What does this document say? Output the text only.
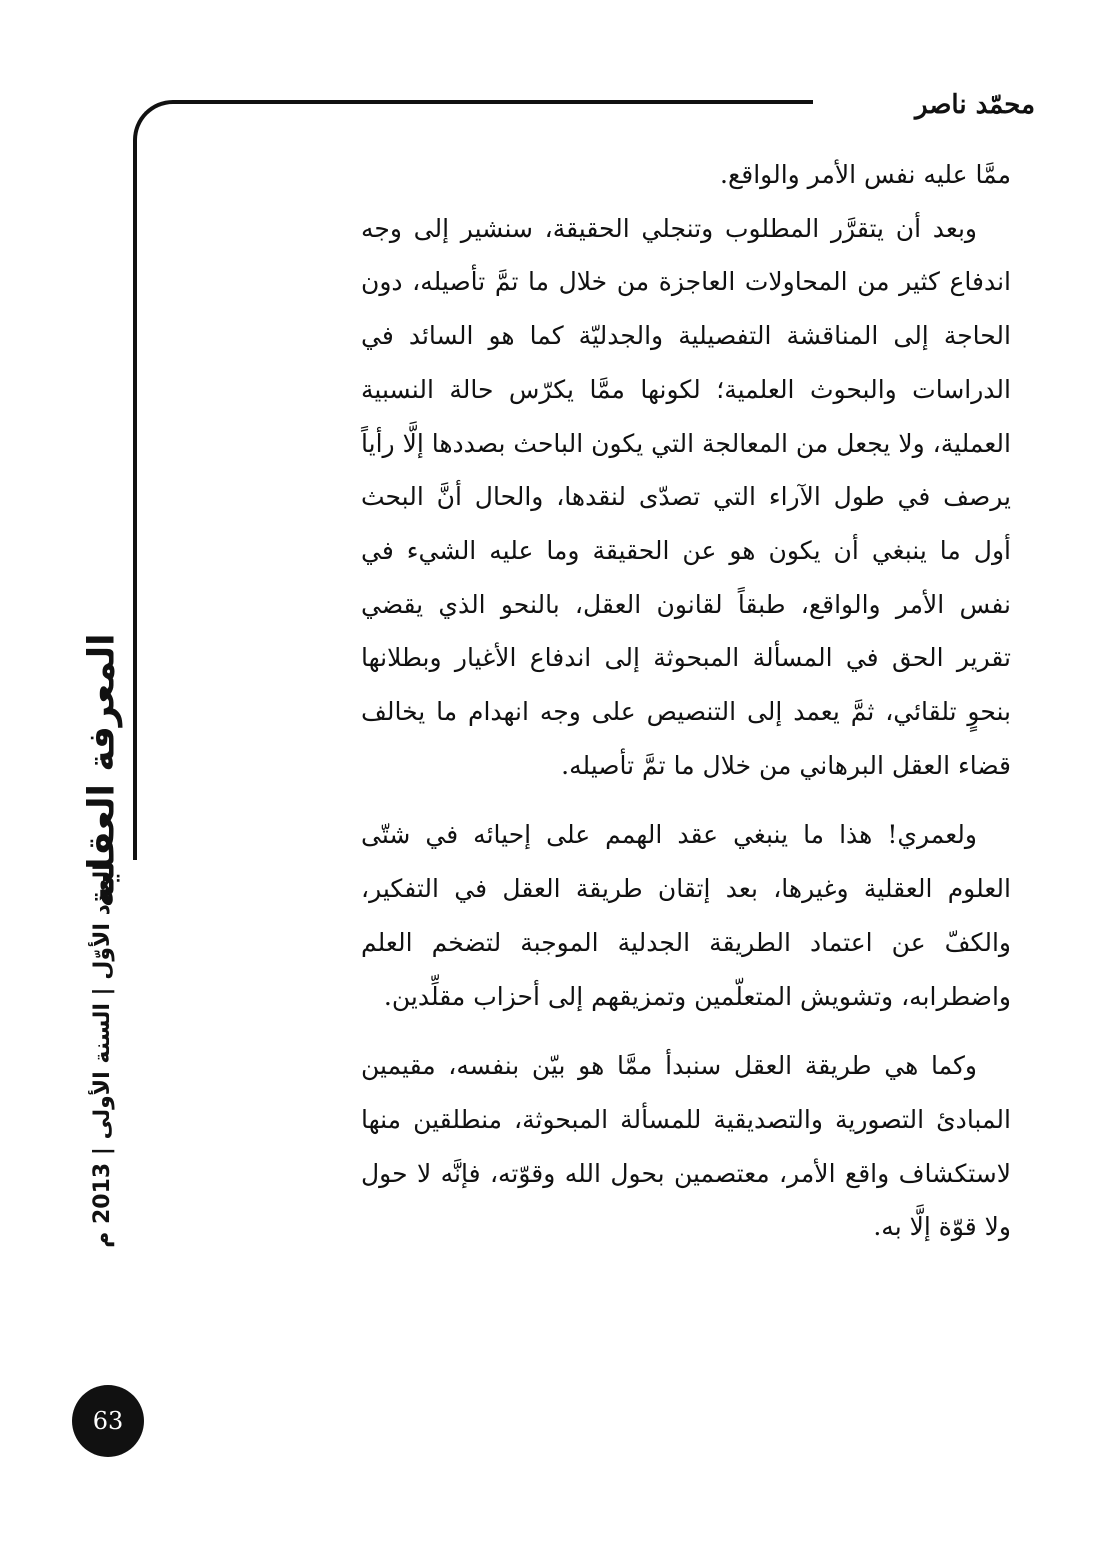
محمّد ناصر

ممَّا عليه نفس الأمر والواقع.

وبعد أن يتقرَّر المطلوب وتنجلي الحقيقة، سنشير إلى وجه اندفاع كثير من المحاولات العاجزة من خلال ما تمَّ تأصيله، دون الحاجة إلى المناقشة التفصيلية والجدليّة كما هو السائد في الدراسات والبحوث العلمية؛ لكونها ممَّا يكرّس حالة النسبية العملية، ولا يجعل من المعالجة التي يكون الباحث بصددها إلَّا رأياً يرصف في طول الآراء التي تصدّى لنقدها، والحال أنَّ البحث أول ما ينبغي أن يكون هو عن الحقيقة وما عليه الشيء في نفس الأمر والواقع، طبقاً لقانون العقل، بالنحو الذي يقضي تقرير الحق في المسألة المبحوثة إلى اندفاع الأغيار وبطلانها بنحوٍ تلقائي، ثمَّ يعمد إلى التنصيص على وجه انهدام ما يخالف قضاء العقل البرهاني من خلال ما تمَّ تأصيله.

ولعمري! هذا ما ينبغي عقد الهمم على إحيائه في شتّى العلوم العقلية وغيرها، بعد إتقان طريقة العقل في التفكير، والكفّ عن اعتماد الطريقة الجدلية الموجبة لتضخم العلم واضطرابه، وتشويش المتعلّمين وتمزيقهم إلى أحزاب مقلِّدين.

وكما هي طريقة العقل سنبدأ ممَّا هو بيّن بنفسه، مقيمين المبادئ التصورية والتصديقية للمسألة المبحوثة، منطلقين منها لاستكشاف واقع الأمر، معتصمين بحول الله وقوّته، فإنَّه لا حول ولا قوّة إلَّا به.

المعرفة العقلية
العدد الأوّل | السنة الأولى | 2013 م
63
